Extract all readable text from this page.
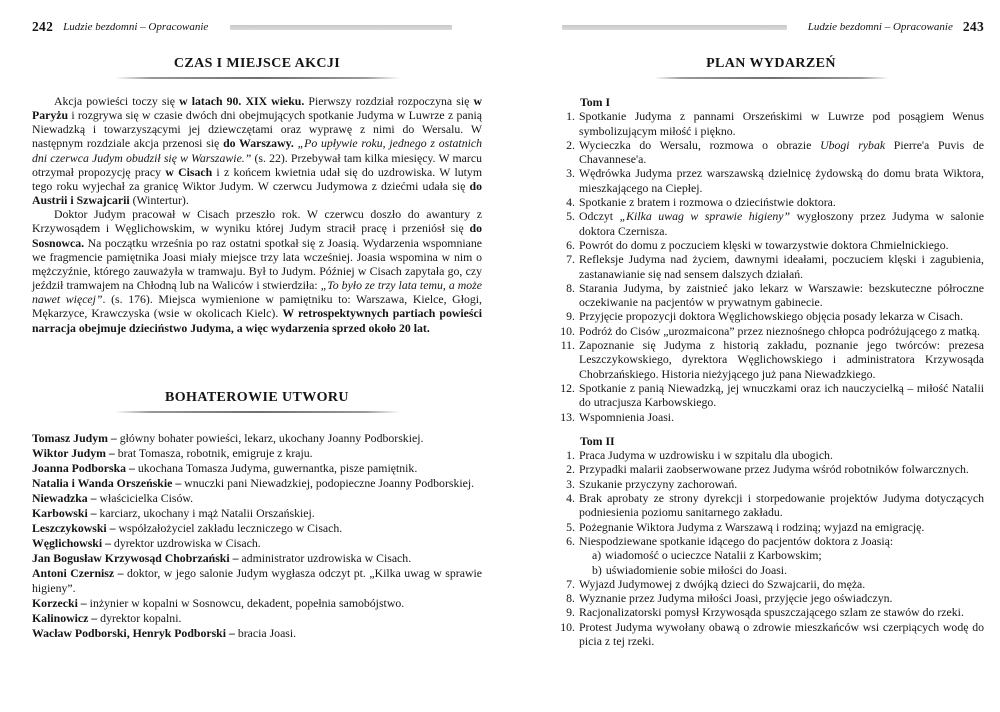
242 Ludzie bezdomni – Opracowanie
CZAS I MIEJSCE AKCJI

Akcja powieści toczy się w latach 90. XIX wieku. Pierwszy rozdział rozpoczyna się w Paryżu i rozgrywa się w czasie dwóch dni obejmujących spotkanie Judyma w Luwrze z panią Niewadzką i towarzyszącymi jej dziewczętami oraz wyprawę z nimi do Wersalu. W następnym rozdziale akcja przenosi się do Warszawy. „Po upływie roku, jednego z ostatnich dni czerwca Judym obudził się w Warszawie.” (s. 22). Przebywał tam kilka miesięcy. W marcu otrzymał propozycję pracy w Cisach i z końcem kwietnia udał się do uzdrowiska. W lutym tego roku wyjechał za granicę Wiktor Judym. W czerwcu Judymowa z dziećmi udała się do Austrii i Szwajcarii (Wintertur).

Doktor Judym pracował w Cisach przeszło rok. W czerwcu doszło do awantury z Krzywosądem i Węglichowskim, w wyniku której Judym stracił pracę i przeniósł się do Sosnowca. Na początku września po raz ostatni spotkał się z Joasią. Wydarzenia wspomniane we fragmencie pamiętnika Joasi miały miejsce trzy lata wcześniej. Joasia wspomina w nim o mężczyźnie, którego zauważyła w tramwaju. Był to Judym. Później w Cisach zapytała go, czy jeździł tramwajem na Chłodną lub na Waliców i stwierdziła: „To było ze trzy lata temu, a może nawet więcej”. (s. 176). Miejsca wymienione w pamiętniku to: Warszawa, Kielce, Głogi, Mękarzyce, Krawczyska (wsie w okolicach Kielc). W retrospektywnych partiach powieści narracja obejmuje dzieciństwo Judyma, a więc wydarzenia sprzed około 20 lat.

BOHATEROWIE UTWORU
Tomasz Judym – główny bohater powieści, lekarz, ukochany Joanny Podborskiej.
Wiktor Judym – brat Tomasza, robotnik, emigruje z kraju.
Joanna Podborska – ukochana Tomasza Judyma, guwernantka, pisze pamiętnik.
Natalia i Wanda Orszeńskie – wnuczki pani Niewadzkiej, podopieczne Joanny Podborskiej.
Niewadzka – właścicielka Cisów.
Karbowski – karciarz, ukochany i mąż Natalii Orszańskiej.
Leszczykowski – współzałożyciel zakładu leczniczego w Cisach.
Węglichowski – dyrektor uzdrowiska w Cisach.
Jan Bogusław Krzywosąd Chobrzański – administrator uzdrowiska w Cisach.
Antoni Czernisz – doktor, w jego salonie Judym wygłasza odczyt pt. „Kilka uwag w sprawie higieny”.
Korzecki – inżynier w kopalni w Sosnowcu, dekadent, popełnia samobójstwo.
Kalinowicz – dyrektor kopalni.
Wacław Podborski, Henryk Podborski – bracia Joasi.
Ludzie bezdomni – Opracowanie 243
PLAN WYDARZEŃ
Tom I
1. Spotkanie Judyma z pannami Orszeńskimi w Luwrze pod posągiem Wenus symbolizującym miłość i piękno.
2. Wycieczka do Wersalu, rozmowa o obrazie Ubogi rybak Pierre'a Puvis de Chavannese'a.
3. Wędrówka Judyma przez warszawską dzielnicę żydowską do domu brata Wiktora, mieszkającego na Ciepłej.
4. Spotkanie z bratem i rozmowa o dzieciństwie doktora.
5. Odczyt „Kilka uwag w sprawie higieny” wygłoszony przez Judyma w salonie doktora Czernisza.
6. Powrót do domu z poczuciem klęski w towarzystwie doktora Chmielnickiego.
7. Refleksje Judyma nad życiem, dawnymi ideałami, poczuciem klęski i zagubienia, zastanawianie się nad sensem dalszych działań.
8. Starania Judyma, by zaistnieć jako lekarz w Warszawie: bezskuteczne półroczne oczekiwanie na pacjentów w prywatnym gabinecie.
9. Przyjęcie propozycji doktora Węglichowskiego objęcia posady lekarza w Cisach.
10. Podróż do Cisów „urozmaicona” przez nieznośnego chłopca podróżującego z matką.
11. Zapoznanie się Judyma z historią zakładu, poznanie jego twórców: prezesa Leszczykowskiego, dyrektora Węglichowskiego i administratora Krzywosąda Chobrzańskiego. Historia nieżyjącego już pana Niewadzkiego.
12. Spotkanie z panią Niewadzką, jej wnuczkami oraz ich nauczycielką – miłość Natalii do utracjusza Karbowskiego.
13. Wspomnienia Joasi.
Tom II
1. Praca Judyma w uzdrowisku i w szpitalu dla ubogich.
2. Przypadki malarii zaobserwowane przez Judyma wśród robotników folwarcznych.
3. Szukanie przyczyny zachorowań.
4. Brak aprobaty ze strony dyrekcji i storpedowanie projektów Judyma dotyczących podniesienia poziomu sanitarnego zakładu.
5. Pożegnanie Wiktora Judyma z Warszawą i rodziną; wyjazd na emigrację.
6. Niespodziewane spotkanie idącego do pacjentów doktora z Joasią:
a) wiadomość o ucieczce Natalii z Karbowskim;
b) uświadomienie sobie miłości do Joasi.
7. Wyjazd Judymowej z dwójką dzieci do Szwajcarii, do męża.
8. Wyznanie przez Judyma miłości Joasi, przyjęcie jego oświadczyn.
9. Racjonalizatorski pomysł Krzywosąda spuszczającego szlam ze stawów do rzeki.
10. Protest Judyma wywołany obawą o zdrowie mieszkańców wsi czerpiących wodę do picia z tej rzeki.
